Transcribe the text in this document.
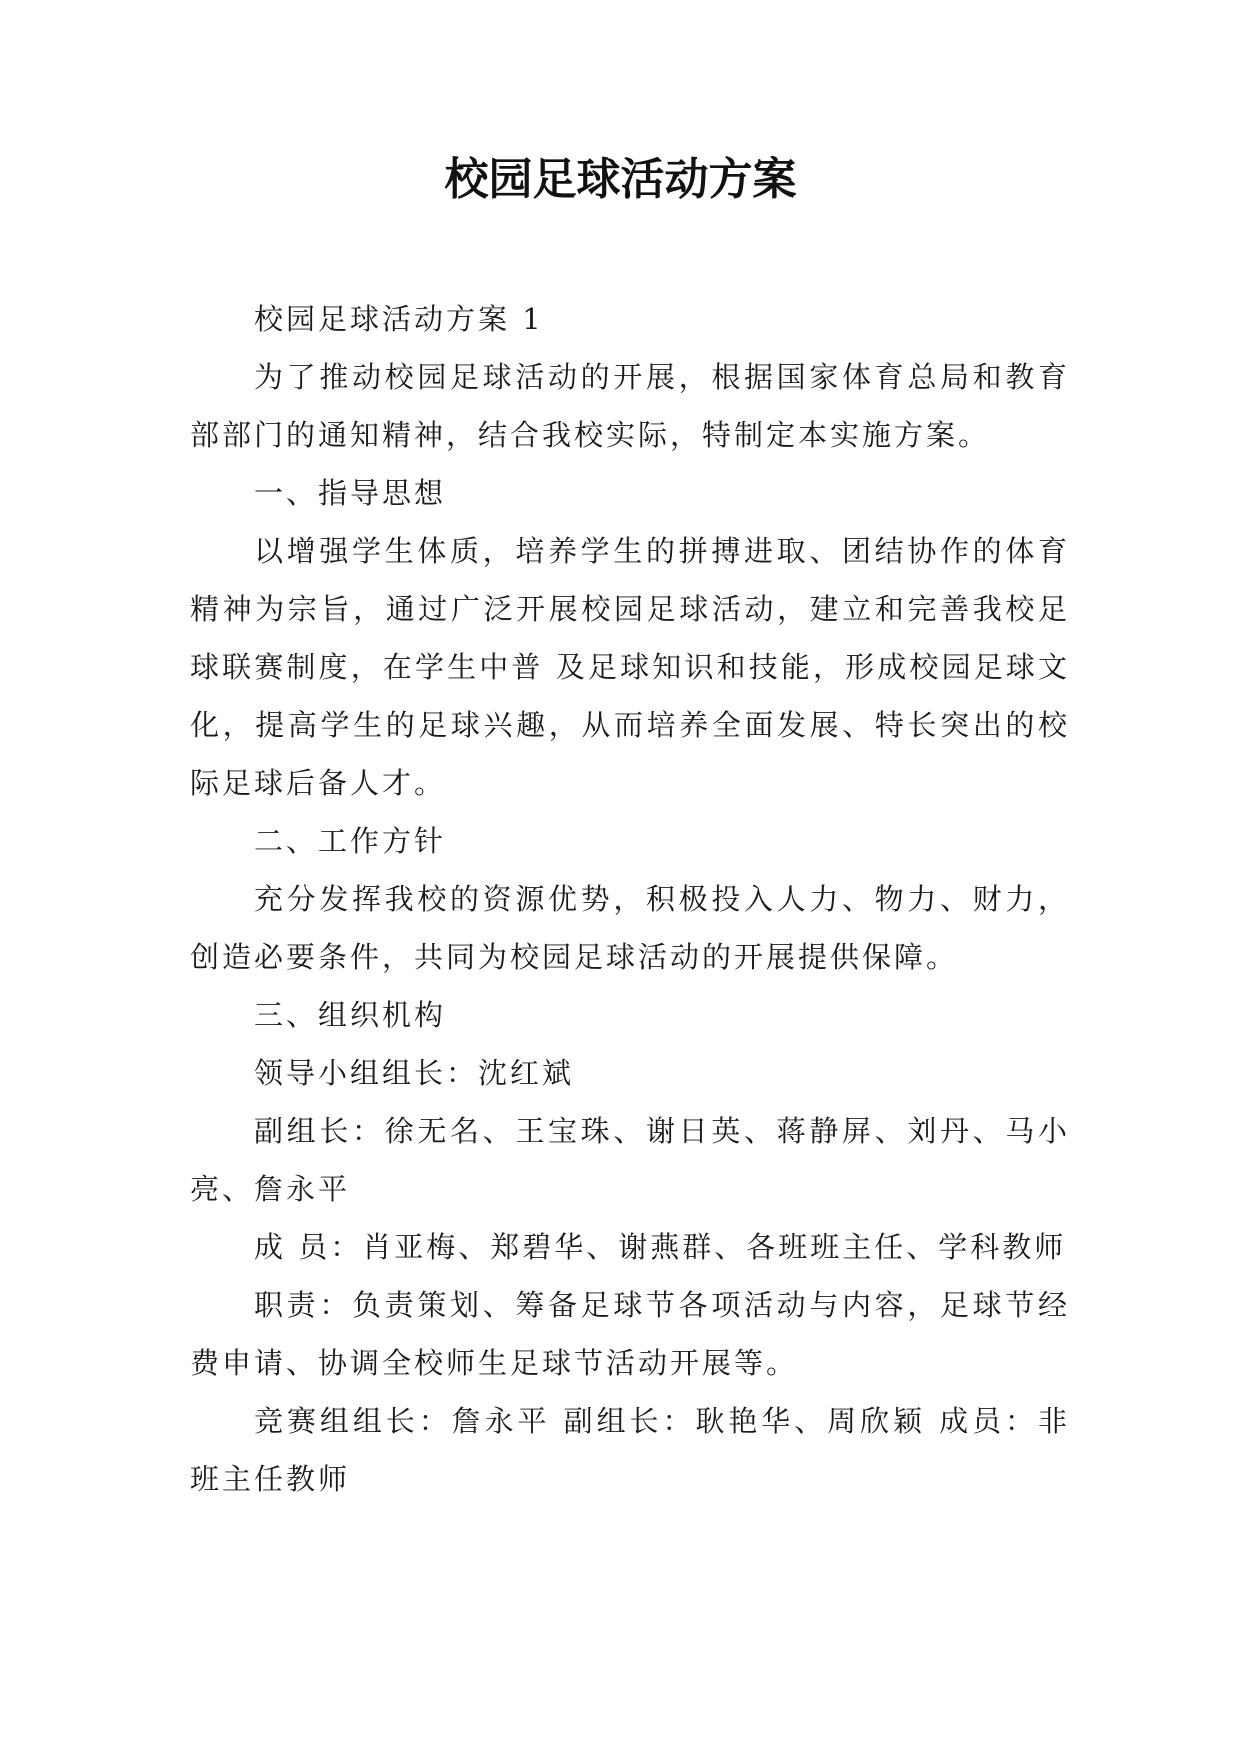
校园足球活动方案

校园足球活动方案 1

为了推动校园足球活动的开展，根据国家体育总局和教育部部门的通知精神，结合我校实际，特制定本实施方案。

一、指导思想

以增强学生体质，培养学生的拼搏进取、团结协作的体育精神为宗旨，通过广泛开展校园足球活动，建立和完善我校足球联赛制度，在学生中普 及足球知识和技能，形成校园足球文化，提高学生的足球兴趣，从而培养全面发展、特长突出的校际足球后备人才。

二、工作方针

充分发挥我校的资源优势，积极投入人力、物力、财力，创造必要条件，共同为校园足球活动的开展提供保障。

三、组织机构

领导小组组长：沈红斌

副组长：徐无名、王宝珠、谢日英、蒋静屏、刘丹、马小亮、詹永平

成 员：肖亚梅、郑碧华、谢燕群、各班班主任、学科教师

职责：负责策划、筹备足球节各项活动与内容，足球节经费申请、协调全校师生足球节活动开展等。

竞赛组组长：詹永平 副组长：耿艳华、周欣颖 成员：非班主任教师
